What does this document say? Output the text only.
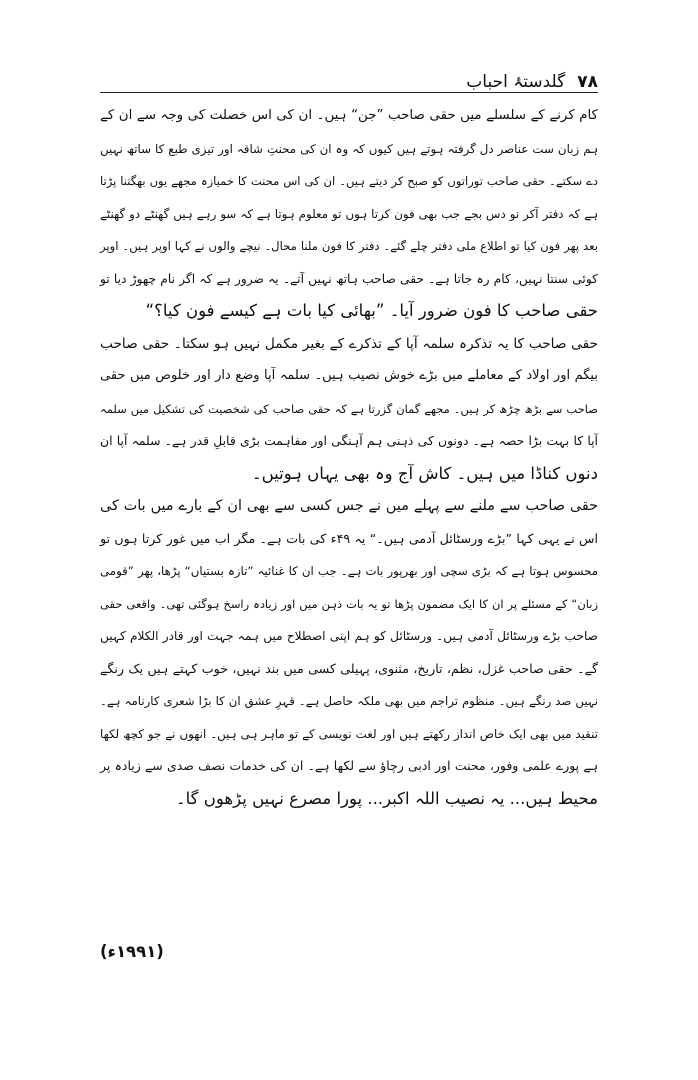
۷۸
گلدستۂ احباب

کام کرنے کے سلسلے میں حقی صاحب ”جن“ ہیں۔ ان کی اس خصلت کی وجہ سے ان کے
ہم زبان ست عناصر دل گرفتہ ہوتے ہیں کیوں کہ وہ ان کی محنتِ شاقہ اور تیزی طبع کا ساتھ نہیں
دے سکتے۔ حقی صاحب توراتوں کو صبح کر دیتے ہیں۔ ان کی اس محنت کا خمیازہ مجھے یوں بھگتنا پڑتا
ہے کہ دفتر آکر نو دس بجے جب بھی فون کرتا ہوں تو معلوم ہوتا ہے کہ سو رہے ہیں گھنٹے دو گھنٹے
بعد پھر فون کیا تو اطلاع ملی دفتر چلے گئے۔ دفتر کا فون ملنا محال۔ نیچے والوں نے کہا اوپر ہیں۔ اوپر
کوئی سنتا نہیں، کام رہ جاتا ہے۔ حقی صاحب ہاتھ نہیں آتے۔ یہ ضرور ہے کہ اگر نام چھوڑ دیا تو
حقی صاحب کا فون ضرور آیا۔ ”بھائی کیا بات ہے کیسے فون کیا؟“

حقی صاحب کا یہ تذکرہ سلمہ آپا کے تذکرے کے بغیر مکمل نہیں ہو سکتا۔ حقی صاحب
بیگم اور اولاد کے معاملے میں بڑے خوش نصیب ہیں۔ سلمہ آپا وضع دار اور خلوص میں حقی
صاحب سے بڑھ چڑھ کر ہیں۔ مجھے گمان گزرتا ہے کہ حقی صاحب کی شخصیت کی تشکیل میں سلمہ
آپا کا بہت بڑا حصہ ہے۔ دونوں کی ذہنی ہم آہنگی اور مفاہمت بڑی قابلِ قدر ہے۔ سلمہ آپا ان
دنوں کناڈا میں ہیں۔ کاش آج وہ بھی یہاں ہوتیں۔

حقی صاحب سے ملنے سے پہلے میں نے جس کسی سے بھی ان کے بارے میں بات کی
اس نے یہی کہا ”بڑے ورسٹائل آدمی ہیں۔“ یہ ۴۹ء کی بات ہے۔ مگر اب میں غور کرتا ہوں تو
محسوس ہوتا ہے کہ بڑی سچی اور بھرپور بات ہے۔ جب ان کا غنائیہ ”تازہ بستیاں“ پڑھا، پھر ”قومی
زبان“ کے مسئلے پر ان کا ایک مضمون پڑھا تو یہ بات ذہن میں اور زیادہ راسخ ہوگئی تھی۔ واقعی حقی
صاحب بڑے ورسٹائل آدمی ہیں۔ ورسٹائل کو ہم اپنی اصطلاح میں ہمہ جہت اور قادر الکلام کہیں
گے۔ حقی صاحب غزل، نظم، تاریخ، مثنوی، پہیلی کسی میں بند نہیں، خوب کہتے ہیں یک رنگے
نہیں صد رنگے ہیں۔ منظوم تراجم میں بھی ملکہ حاصل ہے۔ قہرِ عشق ان کا بڑا شعری کارنامہ ہے۔
تنقید میں بھی ایک خاص انداز رکھتے ہیں اور لغت نویسی کے تو ماہر ہی ہیں۔ انھوں نے جو کچھ لکھا
ہے پورے علمی وفور، محنت اور ادبی رچاؤ سے لکھا ہے۔ ان کی خدمات نصف صدی سے زیادہ پر
محیط ہیں... یہ نصیب اللہ اکبر... پورا مصرع نہیں پڑھوں گا۔

(۱۹۹۱ء)
